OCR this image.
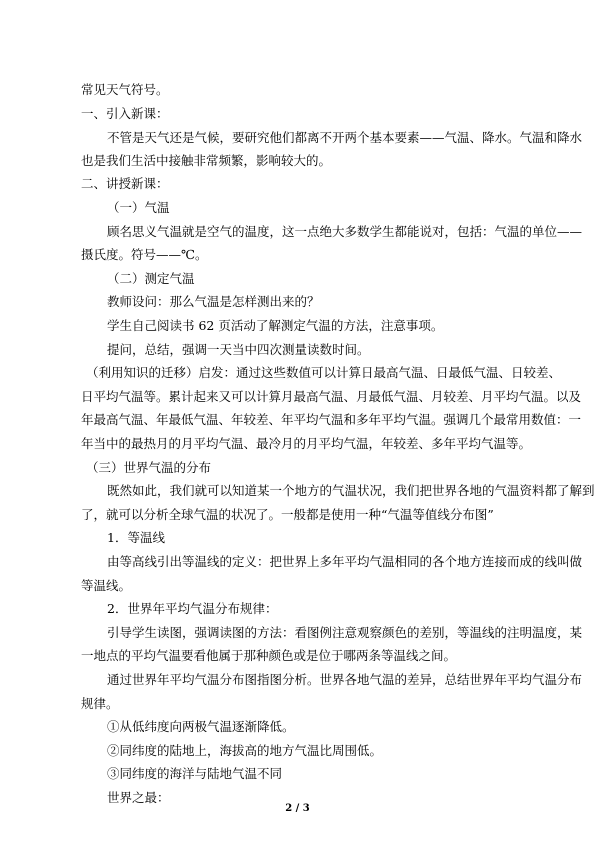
常见天气符号。

一、引入新课：

不管是天气还是气候，要研究他们都离不开两个基本要素——气温、降水。气温和降水

也是我们生活中接触非常频繁，影响较大的。

二、讲授新课：

（一）气温

顾名思义气温就是空气的温度，这一点绝大多数学生都能说对，包括：气温的单位——

摄氏度。符号——℃。

（二）测定气温

教师设问：那么气温是怎样测出来的？

学生自己阅读书 62 页活动了解测定气温的方法，注意事项。

提问，总结，强调一天当中四次测量读数时间。

（利用知识的迁移）启发：通过这些数值可以计算日最高气温、日最低气温、日较差、

日平均气温等。累计起来又可以计算月最高气温、月最低气温、月较差、月平均气温。以及

年最高气温、年最低气温、年较差、年平均气温和多年平均气温。强调几个最常用数值：一

年当中的最热月的月平均气温、最冷月的月平均气温，年较差、多年平均气温等。

（三）世界气温的分布

既然如此，我们就可以知道某一个地方的气温状况，我们把世界各地的气温资料都了解到

了，就可以分析全球气温的状况了。一般都是使用一种“气温等值线分布图”

1．等温线

由等高线引出等温线的定义：把世界上多年平均气温相同的各个地方连接而成的线叫做

等温线。

2．世界年平均气温分布规律：

引导学生读图，强调读图的方法：看图例注意观察颜色的差别，等温线的注明温度，某

一地点的平均气温要看他属于那种颜色或是位于哪两条等温线之间。

通过世界年平均气温分布图指图分析。世界各地气温的差异，总结世界年平均气温分布

规律。

①从低纬度向两极气温逐渐降低。

②同纬度的陆地上，海拔高的地方气温比周围低。

③同纬度的海洋与陆地气温不同

世界之最：

2 / 3
